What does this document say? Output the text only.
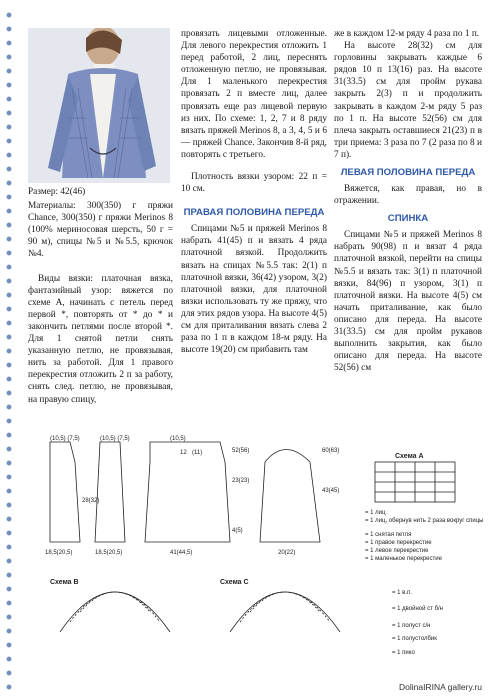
Размер: 42(46)

Материалы: 300(350) г пряжи Chance, 300(350) г пряжи Merinos 8 (100% мериносовая шерсть, 50 г = 90 м), спицы №5 и №5.5, крючок №4.

Виды вязки: платочная вязка, фантазийный узор: вяжется по схеме А, начинать с петель перед первой *, повторять от * до * и закончить петлями после второй *. Для 1 снятой петли снять указанную петлю, не провязывая, нить за работой. Для 1 правого перекрестия отложить 2 п за работу, снять след. петлю, не провязывая, на правую спицу,

провязать лицевыми отложенные. Для левого перекрестия отложить 1 перед работой, 2 лиц, переснять отложенную петлю, не провязывая. Для 1 маленького перекрестия провязать 2 п вместе лиц, далее провязать еще раз лицевой первую из них. По схеме: 1, 2, 7 и 8 ряду вязать пряжей Merinos 8, а 3, 4, 5 и 6 — пряжей Chance. Закончив 8-й ряд, повторять с третьего.

Плотность вязки узором: 22 п = 10 см.

ПРАВАЯ ПОЛОВИНА ПЕРЕДА

Спицами №5 и пряжей Merinos 8 набрать 41(45) п и вязать 4 ряда платочной вязкой. Продолжить вязать на спицах №5.5 так: 2(1) п платочной вязки, 36(42) узором, 3(2) платочной вязки, для платочной вязки использовать ту же пряжу, что для этих рядов узора. На высоте 4(5) см для приталивания вязать слева 2 раза по 1 п в каждом 18-м ряду. На высоте 19(20) см прибавить там

же в каждом 12-м ряду 4 раза по 1 п.

На высоте 28(32) см для горловины закрывать каждые 6 рядов 10 п 13(16) раз. На высоте 31(33.5) см для пройм рукава закрыть 2(3) п и продолжить закрывать в каждом 2-м ряду 5 раз по 1 п. На высоте 52(56) см для плеча закрыть оставшиеся 21(23) п в три приема: 3 раза по 7 (2 раза по 8 и 7 п).

ЛЕВАЯ ПОЛОВИНА ПЕРЕДА

Вяжется, как правая, но в отражении.

СПИНКА

Спицами №5 и пряжей Merinos 8 набрать 90(98) п и вязат 4 ряда платочной вязкой, перейти на спицы №5.5 и вязать так: 3(1) п платочной вязки, 84(96) п узором, 3(1) п платочной вязки. На высоте 4(5) см начать приталивание, как было описано для переда. На высоте 31(33.5) см для пройм рукавов выполнить закрытия, как было описано для переда. На высоте 52(56) см

(10,5) (7,5)	(10,5) (7,5)	(10,5)
12 (11)	52(56)
23(23)
28(32)
4(5)
18,5(20,5)	18,5(20,5)	41(44,5)
60(63)
43(45)
20(22)
Схема А
Схема В	Схема С
= 1 лиц
= 1 лиц, обернув нить 2 раза вокруг спицы
= 1 снятая петля
= 1 правое перекрестие
= 1 левое перекрестие
= 1 маленькое перекрестие
= 1 в.п.
= 1 двойной ст б/н
= 1 полуст с/н
= 1 полустолбик
= 1 пико
DolinaIRINA gallery.ru
